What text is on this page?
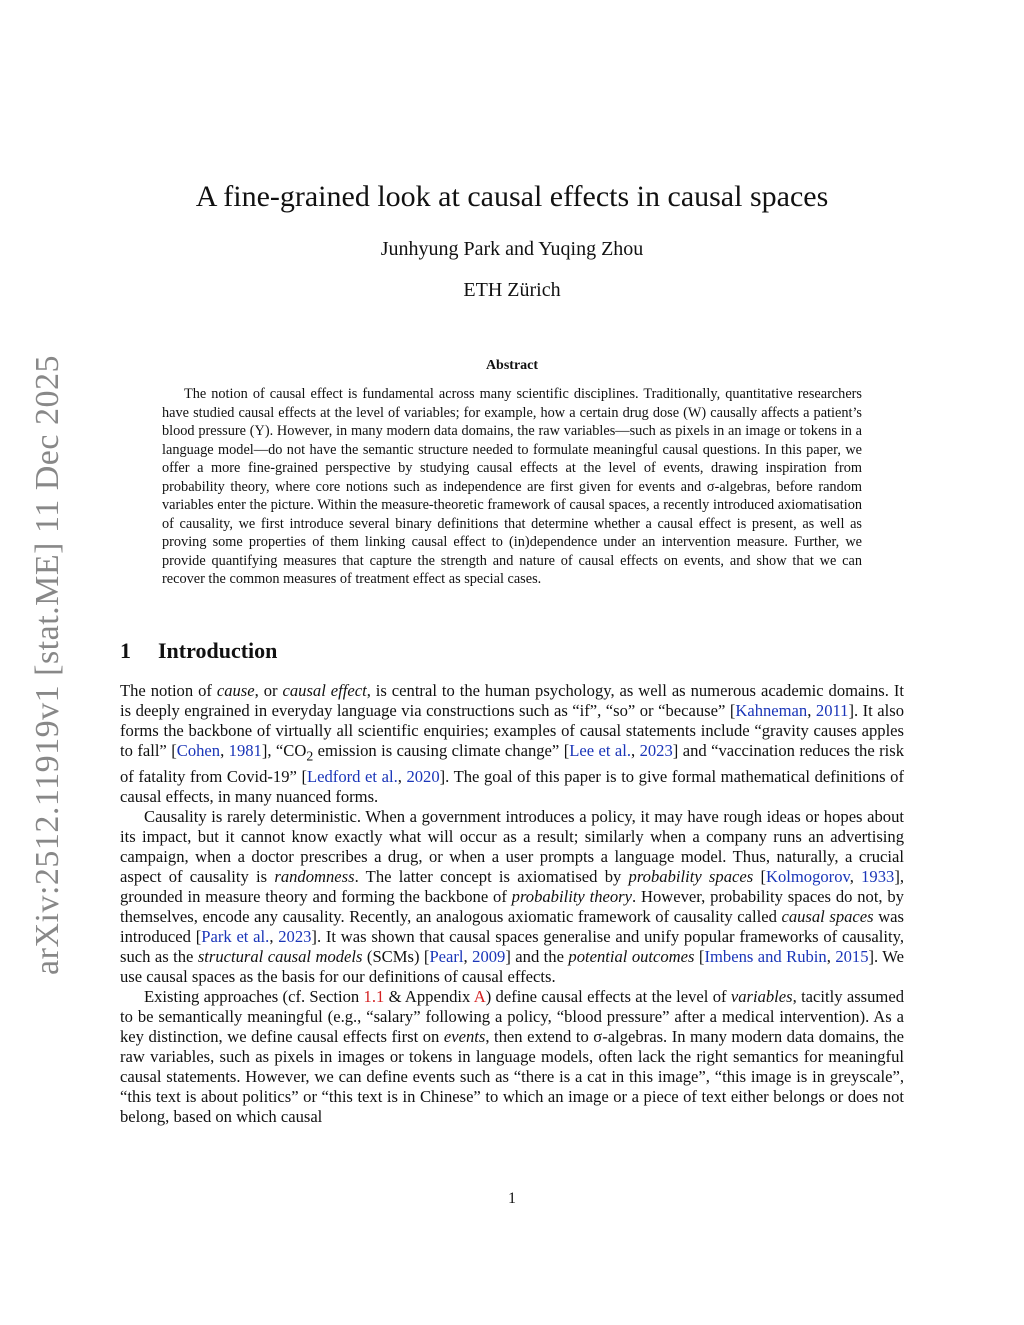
arXiv:2512.11919v1 [stat.ME] 11 Dec 2025
A fine-grained look at causal effects in causal spaces
Junhyung Park and Yuqing Zhou
ETH Zürich
Abstract

The notion of causal effect is fundamental across many scientific disciplines. Traditionally, quantitative researchers have studied causal effects at the level of variables; for example, how a certain drug dose (W) causally affects a patient’s blood pressure (Y). However, in many modern data domains, the raw variables—such as pixels in an image or tokens in a language model—do not have the semantic structure needed to formulate meaningful causal questions. In this paper, we offer a more fine-grained perspective by studying causal effects at the level of events, drawing inspiration from probability theory, where core notions such as independence are first given for events and σ-algebras, before random variables enter the picture. Within the measure-theoretic framework of causal spaces, a recently introduced axiomatisation of causality, we first introduce several binary definitions that determine whether a causal effect is present, as well as proving some properties of them linking causal effect to (in)dependence under an intervention measure. Further, we provide quantifying measures that capture the strength and nature of causal effects on events, and show that we can recover the common measures of treatment effect as special cases.

1 Introduction

The notion of cause, or causal effect, is central to the human psychology, as well as numerous academic domains. It is deeply engrained in everyday language via constructions such as “if”, “so” or “because” [Kahneman, 2011]. It also forms the backbone of virtually all scientific enquiries; examples of causal statements include “gravity causes apples to fall” [Cohen, 1981], “$CO_2$ emission is causing climate change” [Lee et al., 2023] and “vaccination reduces the risk of fatality from Covid-19” [Ledford et al., 2020]. The goal of this paper is to give formal mathematical definitions of causal effects, in many nuanced forms.

Causality is rarely deterministic. When a government introduces a policy, it may have rough ideas or hopes about its impact, but it cannot know exactly what will occur as a result; similarly when a company runs an advertising campaign, when a doctor prescribes a drug, or when a user prompts a language model. Thus, naturally, a crucial aspect of causality is randomness. The latter concept is axiomatised by probability spaces [Kolmogorov, 1933], grounded in measure theory and forming the backbone of probability theory. However, probability spaces do not, by themselves, encode any causality. Recently, an analogous axiomatic framework of causality called causal spaces was introduced [Park et al., 2023]. It was shown that causal spaces generalise and unify popular frameworks of causality, such as the structural causal models (SCMs) [Pearl, 2009] and the potential outcomes [Imbens and Rubin, 2015]. We use causal spaces as the basis for our definitions of causal effects.

Existing approaches (cf. Section 1.1 & Appendix A) define causal effects at the level of variables, tacitly assumed to be semantically meaningful (e.g., “salary” following a policy, “blood pressure” after a medical intervention). As a key distinction, we define causal effects first on events, then extend to σ-algebras. In many modern data domains, the raw variables, such as pixels in images or tokens in language models, often lack the right semantics for meaningful causal statements. However, we can define events such as “there is a cat in this image”, “this image is in greyscale”, “this text is about politics” or “this text is in Chinese” to which an image or a piece of text either belongs or does not belong, based on which causal

1
